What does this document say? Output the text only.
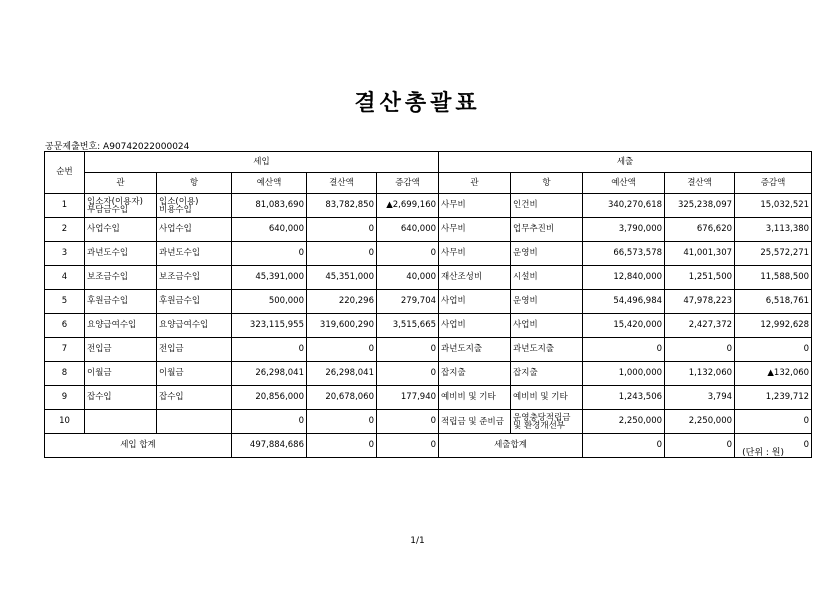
결산총괄표
공문제출번호: A90742022000024
순번	세입					세출				
	관	항	예산액	결산액	증감액	관	항	예산액	결산액	증감액
1	입소자(이용자)부담금수입	입소(이용)비용수입	81,083,690	83,782,850	▲2,699,160	사무비	인건비	340,270,618	325,238,097	15,032,521
2	사업수입	사업수입	640,000	0	640,000	사무비	업무추진비	3,790,000	676,620	3,113,380
3	과년도수입	과년도수입	0	0	0	사무비	운영비	66,573,578	41,001,307	25,572,271
4	보조금수입	보조금수입	45,391,000	45,351,000	40,000	재산조성비	시설비	12,840,000	1,251,500	11,588,500
5	후원금수입	후원금수입	500,000	220,296	279,704	사업비	운영비	54,496,984	47,978,223	6,518,761
6	요양급여수입	요양급여수입	323,115,955	319,600,290	3,515,665	사업비	사업비	15,420,000	2,427,372	12,992,628
7	전입금	전입금	0	0	0	과년도지출	과년도지출	0	0	0
8	이월금	이월금	26,298,041	26,298,041	0	잡지출	잡지출	1,000,000	1,132,060	▲132,060
9	잡수입	잡수입	20,856,000	20,678,060	177,940	예비비 및 기타	예비비 및 기타	1,243,506	3,794	1,239,712
10			0	0	0	적립금 및 준비금	운영충당적립금 및 환경개선부	2,250,000	2,250,000	0
세입 합계			497,884,686	0	0	세출합계		0	0	0
(단위 : 원)
1/1
